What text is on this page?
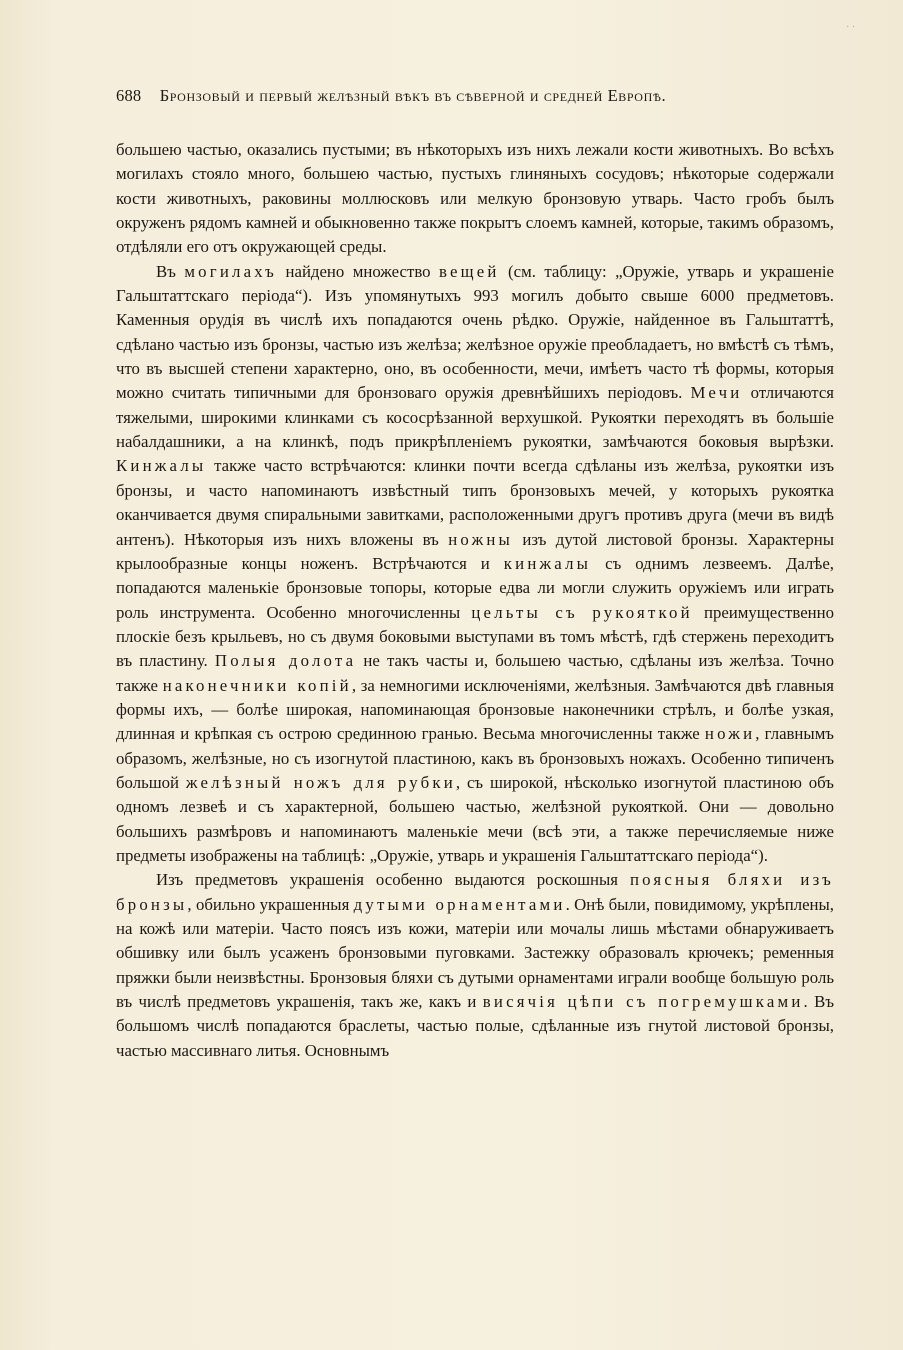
· ·
688 Бронзовый и первый желѣзный вѣкъ въ сѣверной и средней Европѣ.

большею частью, оказались пустыми; въ нѣкоторыхъ изъ нихъ лежали кости животныхъ. Во всѣхъ могилахъ стояло много, большею частью, пустыхъ глиняныхъ сосудовъ; нѣкоторые содержали кости животныхъ, раковины моллюсковъ или мелкую бронзовую утварь. Часто гробъ былъ окруженъ рядомъ камней и обыкновенно также покрытъ слоемъ камней, которые, такимъ образомъ, отдѣляли его отъ окружающей среды.

Въ могилахъ найдено множество вещей (см. таблицу: „Оружіе, утварь и украшеніе Гальштаттскаго періода“). Изъ упомянутыхъ 993 могилъ добыто свыше 6000 предметовъ. Каменныя орудія въ числѣ ихъ попадаются очень рѣдко. Оружіе, найденное въ Гальштаттѣ, сдѣлано частью изъ бронзы, частью изъ желѣза; желѣзное оружіе преобладаетъ, но вмѣстѣ съ тѣмъ, что въ высшей степени характерно, оно, въ особенности, мечи, имѣетъ часто тѣ формы, которыя можно считать типичными для бронзоваго оружія древнѣйшихъ періодовъ. Мечи отличаются тяжелыми, широкими клинками съ кососрѣзанной верхушкой. Рукоятки переходятъ въ большіе набалдашники, а на клинкѣ, подъ прикрѣпленіемъ рукоятки, замѣчаются боковыя вырѣзки. Кинжалы также часто встрѣчаются: клинки почти всегда сдѣланы изъ желѣза, рукоятки изъ бронзы, и часто напоминаютъ извѣстный типъ бронзовыхъ мечей, у которыхъ рукоятка оканчивается двумя спиральными завитками, расположенными другъ противъ друга (мечи въ видѣ антенъ). Нѣкоторыя изъ нихъ вложены въ ножны изъ дутой листовой бронзы. Характерны крылообразные концы ноженъ. Встрѣчаются и кинжалы съ однимъ лезвеемъ. Далѣе, попадаются маленькіе бронзовые топоры, которые едва ли могли служить оружіемъ или играть роль инструмента. Особенно многочисленны цельты съ рукояткой преимущественно плоскіе безъ крыльевъ, но съ двумя боковыми выступами въ томъ мѣстѣ, гдѣ стержень переходитъ въ пластину. Полыя долота не такъ часты и, большею частью, сдѣланы изъ желѣза. Точно также наконечники копій, за немногими исключеніями, желѣзныя. Замѣчаются двѣ главныя формы ихъ, — болѣе широкая, напоминающая бронзовые наконечники стрѣлъ, и болѣе узкая, длинная и крѣпкая съ острою срединною гранью. Весьма многочисленны также ножи, главнымъ образомъ, желѣзные, но съ изогнутой пластиною, какъ въ бронзовыхъ ножахъ. Особенно типиченъ большой желѣзный ножъ для рубки, съ широкой, нѣсколько изогнутой пластиною объ одномъ лезвеѣ и съ характерной, большею частью, желѣзной рукояткой. Они — довольно большихъ размѣровъ и напоминаютъ маленькіе мечи (всѣ эти, а также перечисляемые ниже предметы изображены на таблицѣ: „Оружіе, утварь и украшенія Гальштаттскаго періода“).

Изъ предметовъ украшенія особенно выдаются роскошныя поясныя бляхи изъ бронзы, обильно украшенныя дутыми орнаментами. Онѣ были, повидимому, укрѣплены, на кожѣ или матеріи. Часто поясъ изъ кожи, матеріи или мочалы лишь мѣстами обнаруживаетъ обшивку или былъ усаженъ бронзовыми пуговками. Застежку образовалъ крючекъ; ременныя пряжки были неизвѣстны. Бронзовыя бляхи съ дутыми орнаментами играли вообще большую роль въ числѣ предметовъ украшенія, такъ же, какъ и висячія цѣпи съ погремушками. Въ большомъ числѣ попадаются браслеты, частью полые, сдѣланные изъ гнутой листовой бронзы, частью массивнаго литья. Основнымъ
